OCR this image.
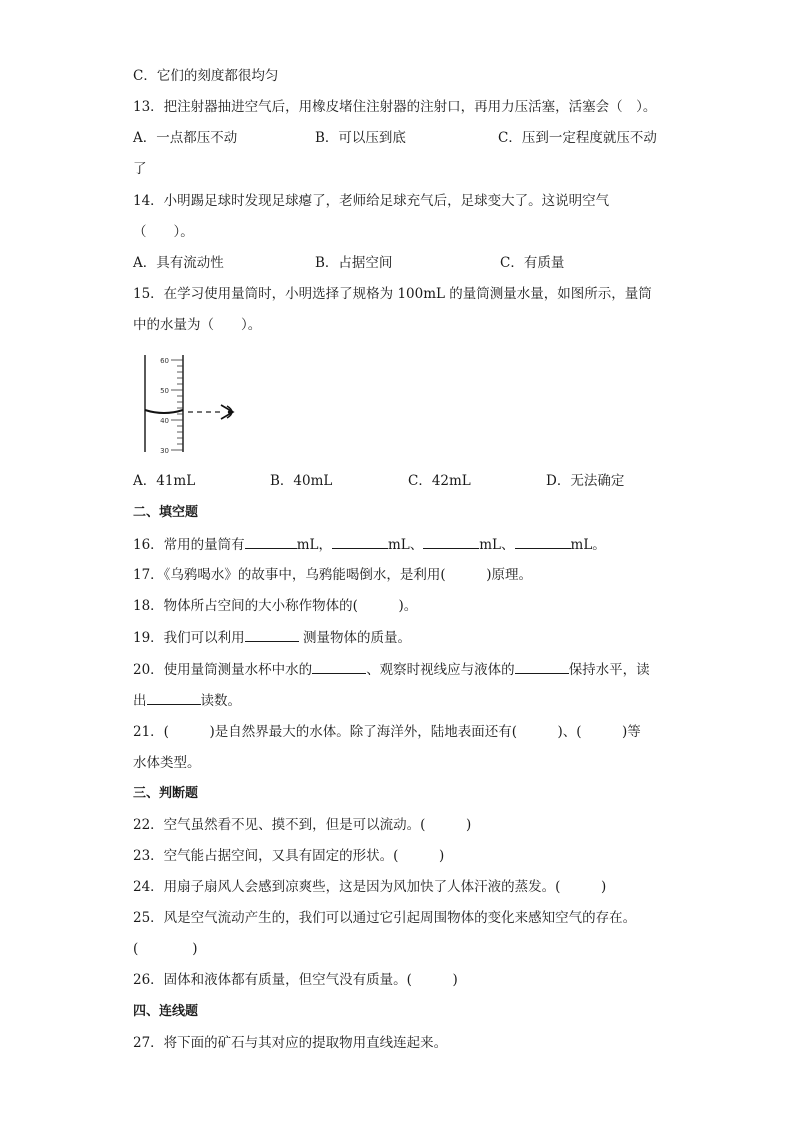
C．它们的刻度都很均匀
13．把注射器抽进空气后，用橡皮堵住注射器的注射口，再用力压活塞，活塞会（　）。
A．一点都压不动	B．可以压到底	C．压到一定程度就压不动
了
14．小明踢足球时发现足球瘪了，老师给足球充气后，足球变大了。这说明空气
（　　）。
A．具有流动性	B．占据空间	C．有质量
15．在学习使用量筒时，小明选择了规格为 100mL 的量筒测量水量，如图所示，量筒
中的水量为（　　）。
60
50
40
30
A．41mL	B．40mL	C．42mL	D．无法确定
二、填空题
16．常用的量筒有	mL，	mL、	mL、	mL。
17．《乌鸦喝水》的故事中，乌鸦能喝倒水，是利用(　　　)原理。
18．物体所占空间的大小称作物体的(　　　)。
19．我们可以利用	测量物体的质量。
20．使用量筒测量水杯中水的	、观察时视线应与液体的	保持水平，读
出	读数。
21．(　　　)是自然界最大的水体。除了海洋外，陆地表面还有(　　　)、(　　　)等
水体类型。
三、判断题
22．空气虽然看不见、摸不到，但是可以流动。(　　　)
23．空气能占据空间，又具有固定的形状。(　　　)
24．用扇子扇风人会感到凉爽些，这是因为风加快了人体汗液的蒸发。(　　　)
25．风是空气流动产生的，我们可以通过它引起周围物体的变化来感知空气的存在。
(　　　　)
26．固体和液体都有质量，但空气没有质量。(　　　)
四、连线题
27．将下面的矿石与其对应的提取物用直线连起来。
